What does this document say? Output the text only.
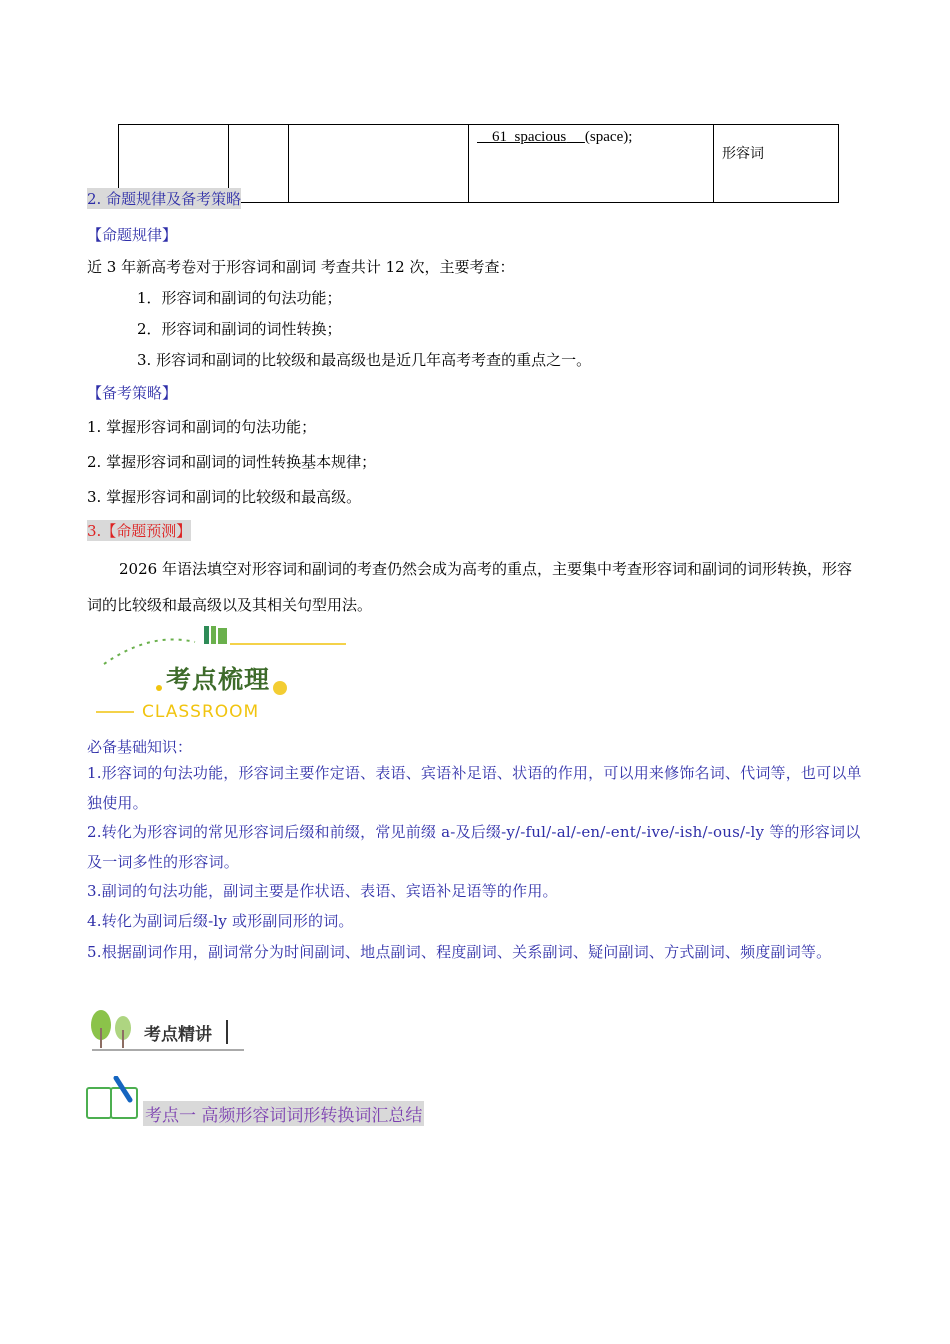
			61 spacious (space);	形容词
2. 命题规律及备考策略
【命题规律】
近 3 年新高考卷对于形容词和副词 考查共计 12 次，主要考查：
1．形容词和副词的句法功能；
2．形容词和副词的词性转换；
3. 形容词和副词的比较级和最高级也是近几年高考考查的重点之一。
【备考策略】
1. 掌握形容词和副词的句法功能；
2. 掌握形容词和副词的词性转换基本规律；
3. 掌握形容词和副词的比较级和最高级。
3.【命题预测】
2026 年语法填空对形容词和副词的考查仍然会成为高考的重点，主要集中考查形容词和副词的词形转换，形容词的比较级和最高级以及其相关句型用法。
考点梳理
CLASSROOM
必备基础知识：
1.形容词的句法功能，形容词主要作定语、表语、宾语补足语、状语的作用，可以用来修饰名词、代词等，也可以单独使用。
2.转化为形容词的常见形容词后缀和前缀，常见前缀 a-及后缀-y/-ful/-al/-en/-ent/-ive/-ish/-ous/-ly 等的形容词以及一词多性的形容词。
3.副词的句法功能，副词主要是作状语、表语、宾语补足语等的作用。
4.转化为副词后缀-ly 或形副同形的词。
5.根据副词作用，副词常分为时间副词、地点副词、程度副词、关系副词、疑问副词、方式副词、频度副词等。
考点精讲
考点一 高频形容词词形转换词汇总结
